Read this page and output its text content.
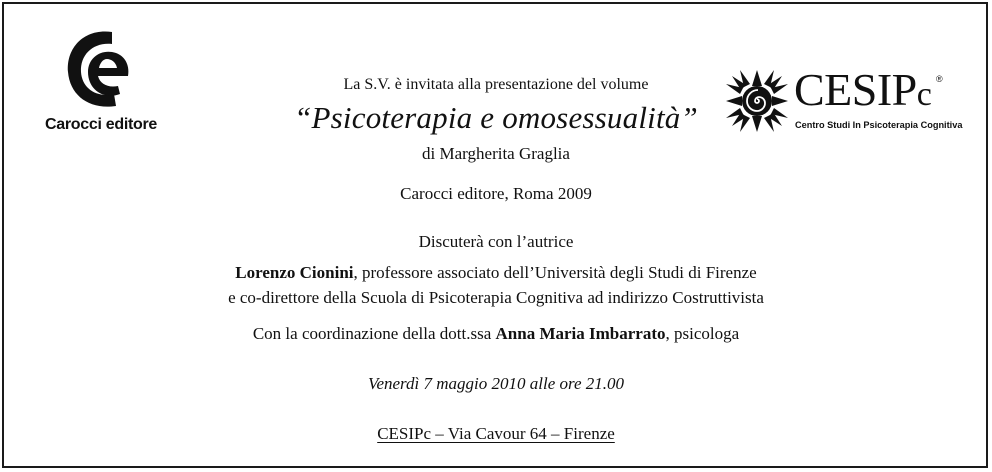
Carocci editore
CESIPc ®
Centro Studi In Psicoterapia Cognitiva
La S.V. è invitata alla presentazione del volume
“Psicoterapia e omosessualità”
di Margherita Graglia
Carocci editore, Roma 2009
Discuterà con l’autrice
Lorenzo Cionini, professore associato dell’Università degli Studi di Firenze
e co-direttore della Scuola di Psicoterapia Cognitiva ad indirizzo Costruttivista
Con la coordinazione della dott.ssa Anna Maria Imbarrato, psicologa
Venerdì 7 maggio 2010 alle ore 21.00
CESIPc – Via Cavour 64 – Firenze
